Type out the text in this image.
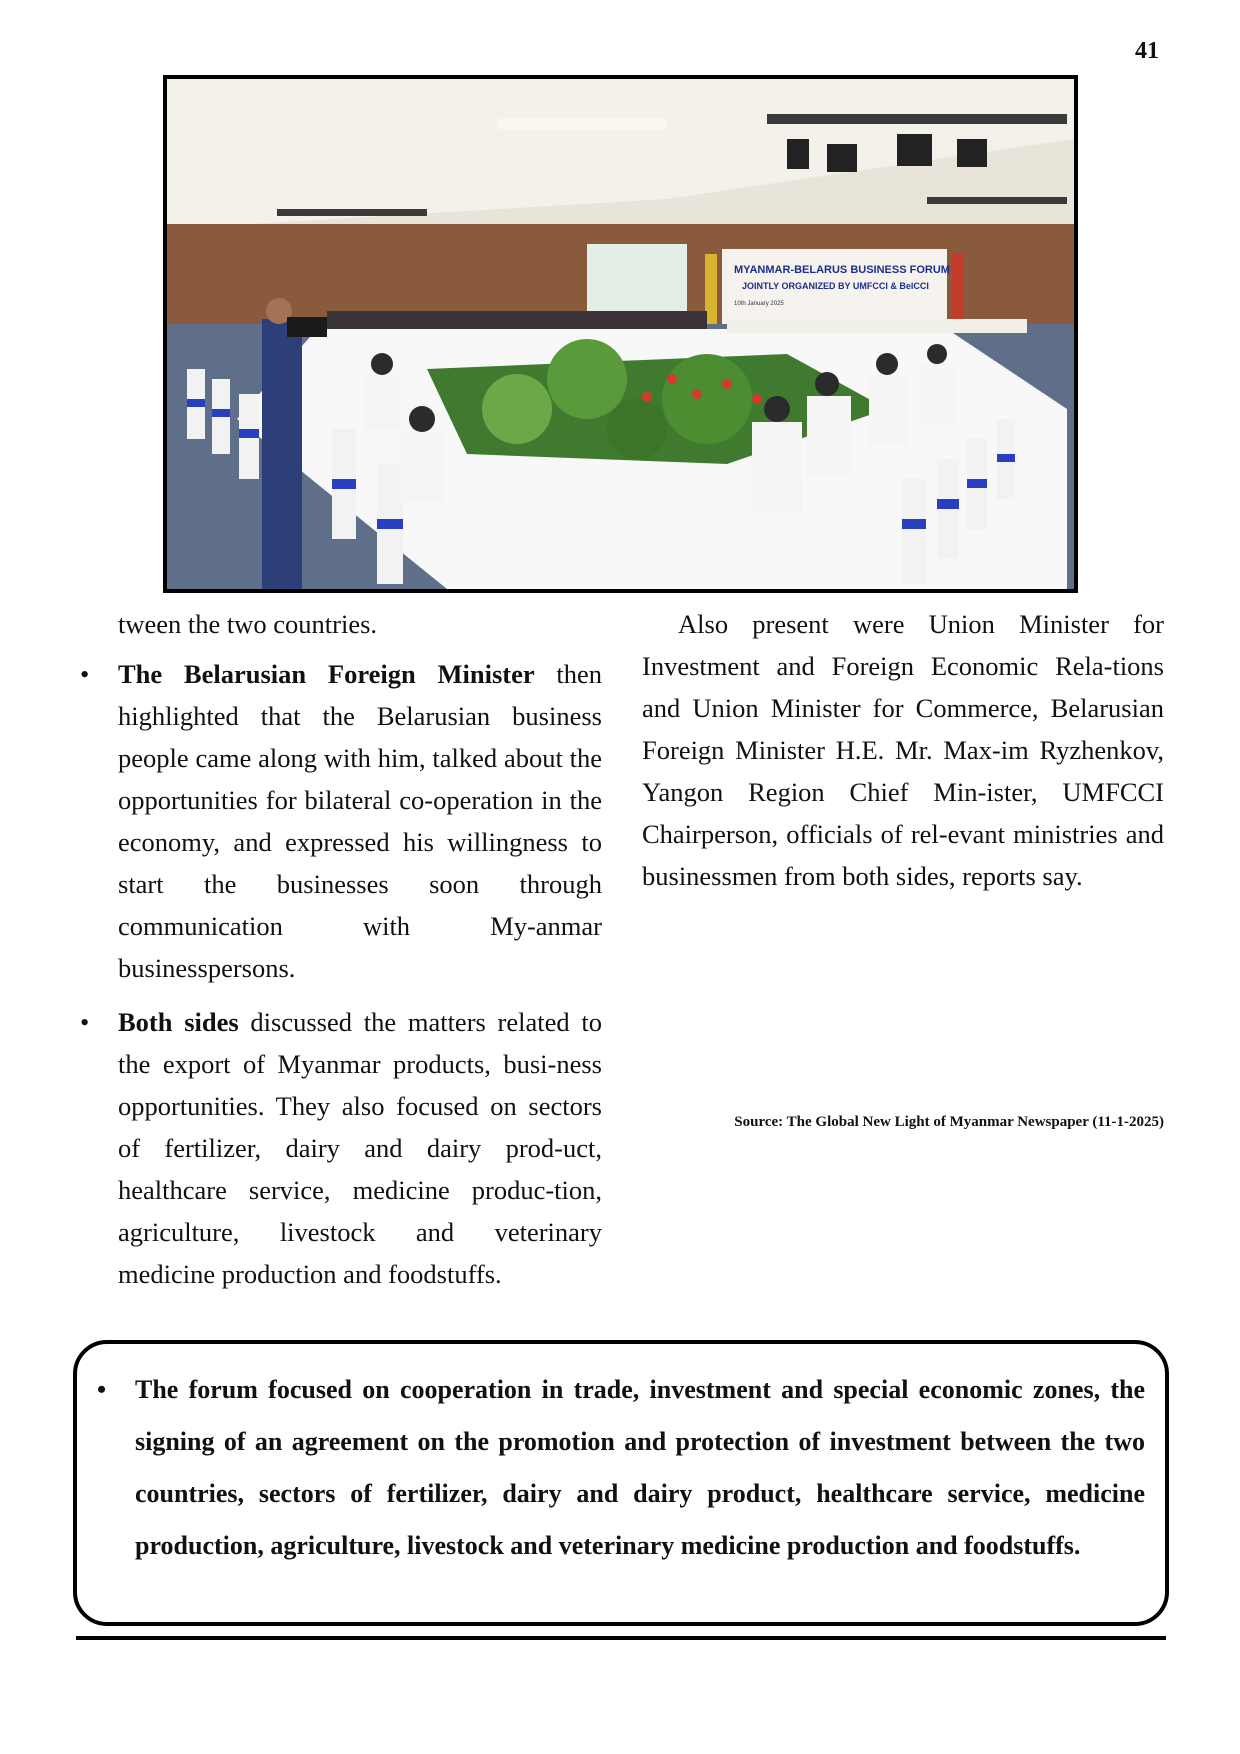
41
MYANMAR-BELARUS BUSINESS FORUM
JOINTLY ORGANIZED BY UMFCCI & BelCCI
10th January 2025

tween the two countries.

• The Belarusian Foreign Minister then highlighted that the Belarusian business people came along with him, talked about the opportunities for bilateral co-operation in the economy, and expressed his willingness to start the businesses soon through communication with My-anmar businesspersons.
• Both sides discussed the matters related to the export of Myanmar products, busi-ness opportunities. They also focused on sectors of fertilizer, dairy and dairy prod-uct, healthcare service, medicine produc-tion, agriculture, livestock and veterinary medicine production and foodstuffs.

Also present were Union Minister for Investment and Foreign Economic Rela-tions and Union Minister for Commerce, Belarusian Foreign Minister H.E. Mr. Max-im Ryzhenkov, Yangon Region Chief Min-ister, UMFCCI Chairperson, officials of rel-evant ministries and businessmen from both sides, reports say.

Source: The Global New Light of Myanmar Newspaper (11-1-2025)
• The forum focused on cooperation in trade, investment and special economic zones, the signing of an agreement on the promotion and protection of investment between the two countries, sectors of fertilizer, dairy and dairy product, healthcare service, medicine production, agriculture, livestock and veterinary medicine production and foodstuffs.
